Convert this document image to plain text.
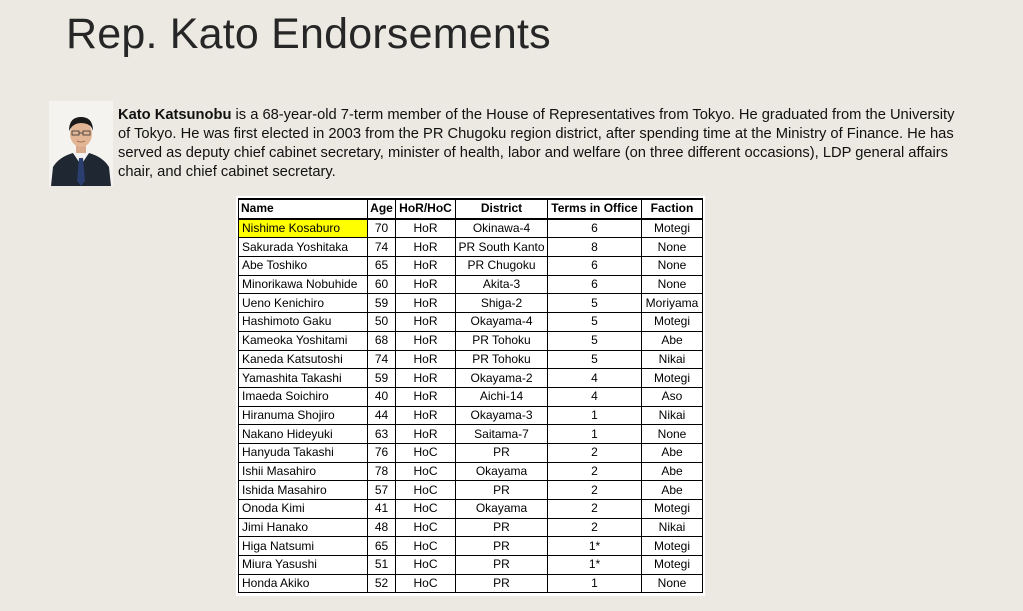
Rep. Kato Endorsements
Kato Katsunobu is a 68-year-old 7-term member of the House of Representatives from Tokyo. He graduated from the University of Tokyo. He was first elected in 2003 from the PR Chugoku region district, after spending time at the Ministry of Finance. He has served as deputy chief cabinet secretary, minister of health, labor and welfare (on three different occasions), LDP general affairs chair, and chief cabinet secretary.
Name	Age	HoR/HoC	District	Terms in Office	Faction
Nishime Kosaburo	70	HoR	Okinawa-4	6	Motegi
Sakurada Yoshitaka	74	HoR	PR South Kanto	8	None
Abe Toshiko	65	HoR	PR Chugoku	6	None
Minorikawa Nobuhide	60	HoR	Akita-3	6	None
Ueno Kenichiro	59	HoR	Shiga-2	5	Moriyama
Hashimoto Gaku	50	HoR	Okayama-4	5	Motegi
Kameoka Yoshitami	68	HoR	PR Tohoku	5	Abe
Kaneda Katsutoshi	74	HoR	PR Tohoku	5	Nikai
Yamashita Takashi	59	HoR	Okayama-2	4	Motegi
Imaeda Soichiro	40	HoR	Aichi-14	4	Aso
Hiranuma Shojiro	44	HoR	Okayama-3	1	Nikai
Nakano Hideyuki	63	HoR	Saitama-7	1	None
Hanyuda Takashi	76	HoC	PR	2	Abe
Ishii Masahiro	78	HoC	Okayama	2	Abe
Ishida Masahiro	57	HoC	PR	2	Abe
Onoda Kimi	41	HoC	Okayama	2	Motegi
Jimi Hanako	48	HoC	PR	2	Nikai
Higa Natsumi	65	HoC	PR	1*	Motegi
Miura Yasushi	51	HoC	PR	1*	Motegi
Honda Akiko	52	HoC	PR	1	None
